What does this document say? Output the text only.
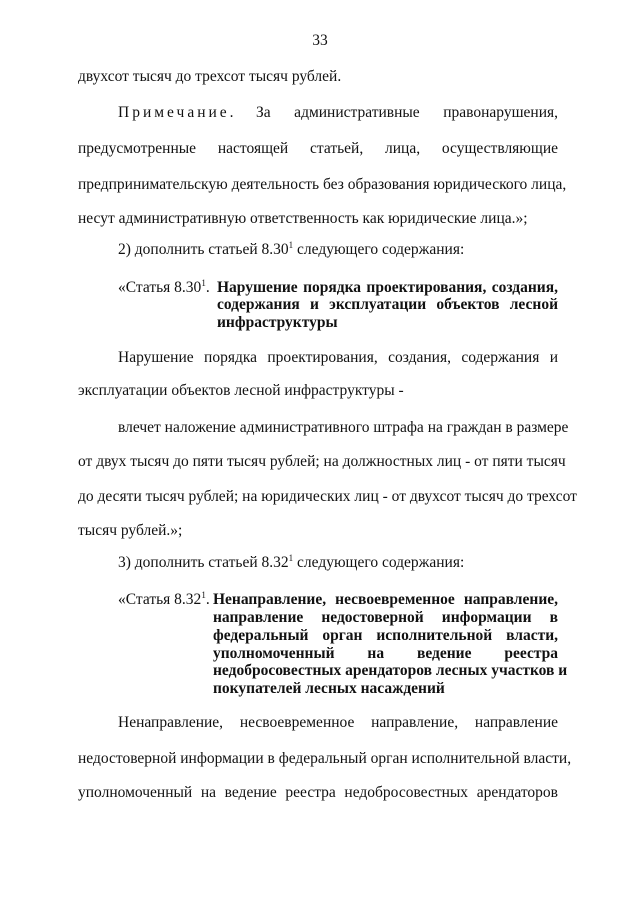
33
двухсот тысяч до трехсот тысяч рублей.
Примечание. За административные правонарушения,
предусмотренные настоящей статьей, лица, осуществляющие
предпринимательскую деятельность без образования юридического лица,
несут административную ответственность как юридические лица.»;
2) дополнить статьей 8.30$^1$ следующего содержания:
«Статья 8.30$^1$. Нарушение порядка проектирования, создания,
содержания и эксплуатации объектов лесной
инфраструктуры
Нарушение порядка проектирования, создания, содержания и
эксплуатации объектов лесной инфраструктуры -
влечет наложение административного штрафа на граждан в размере
от двух тысяч до пяти тысяч рублей; на должностных лиц - от пяти тысяч
до десяти тысяч рублей; на юридических лиц - от двухсот тысяч до трехсот
тысяч рублей.»;
3) дополнить статьей 8.32$^1$ следующего содержания:
«Статья 8.32$^1$. Ненаправление, несвоевременное направление,
направление недостоверной информации в
федеральный орган исполнительной власти,
уполномоченный на ведение реестра
недобросовестных арендаторов лесных участков и
покупателей лесных насаждений
Ненаправление, несвоевременное направление, направление
недостоверной информации в федеральный орган исполнительной власти,
уполномоченный на ведение реестра недобросовестных арендаторов
